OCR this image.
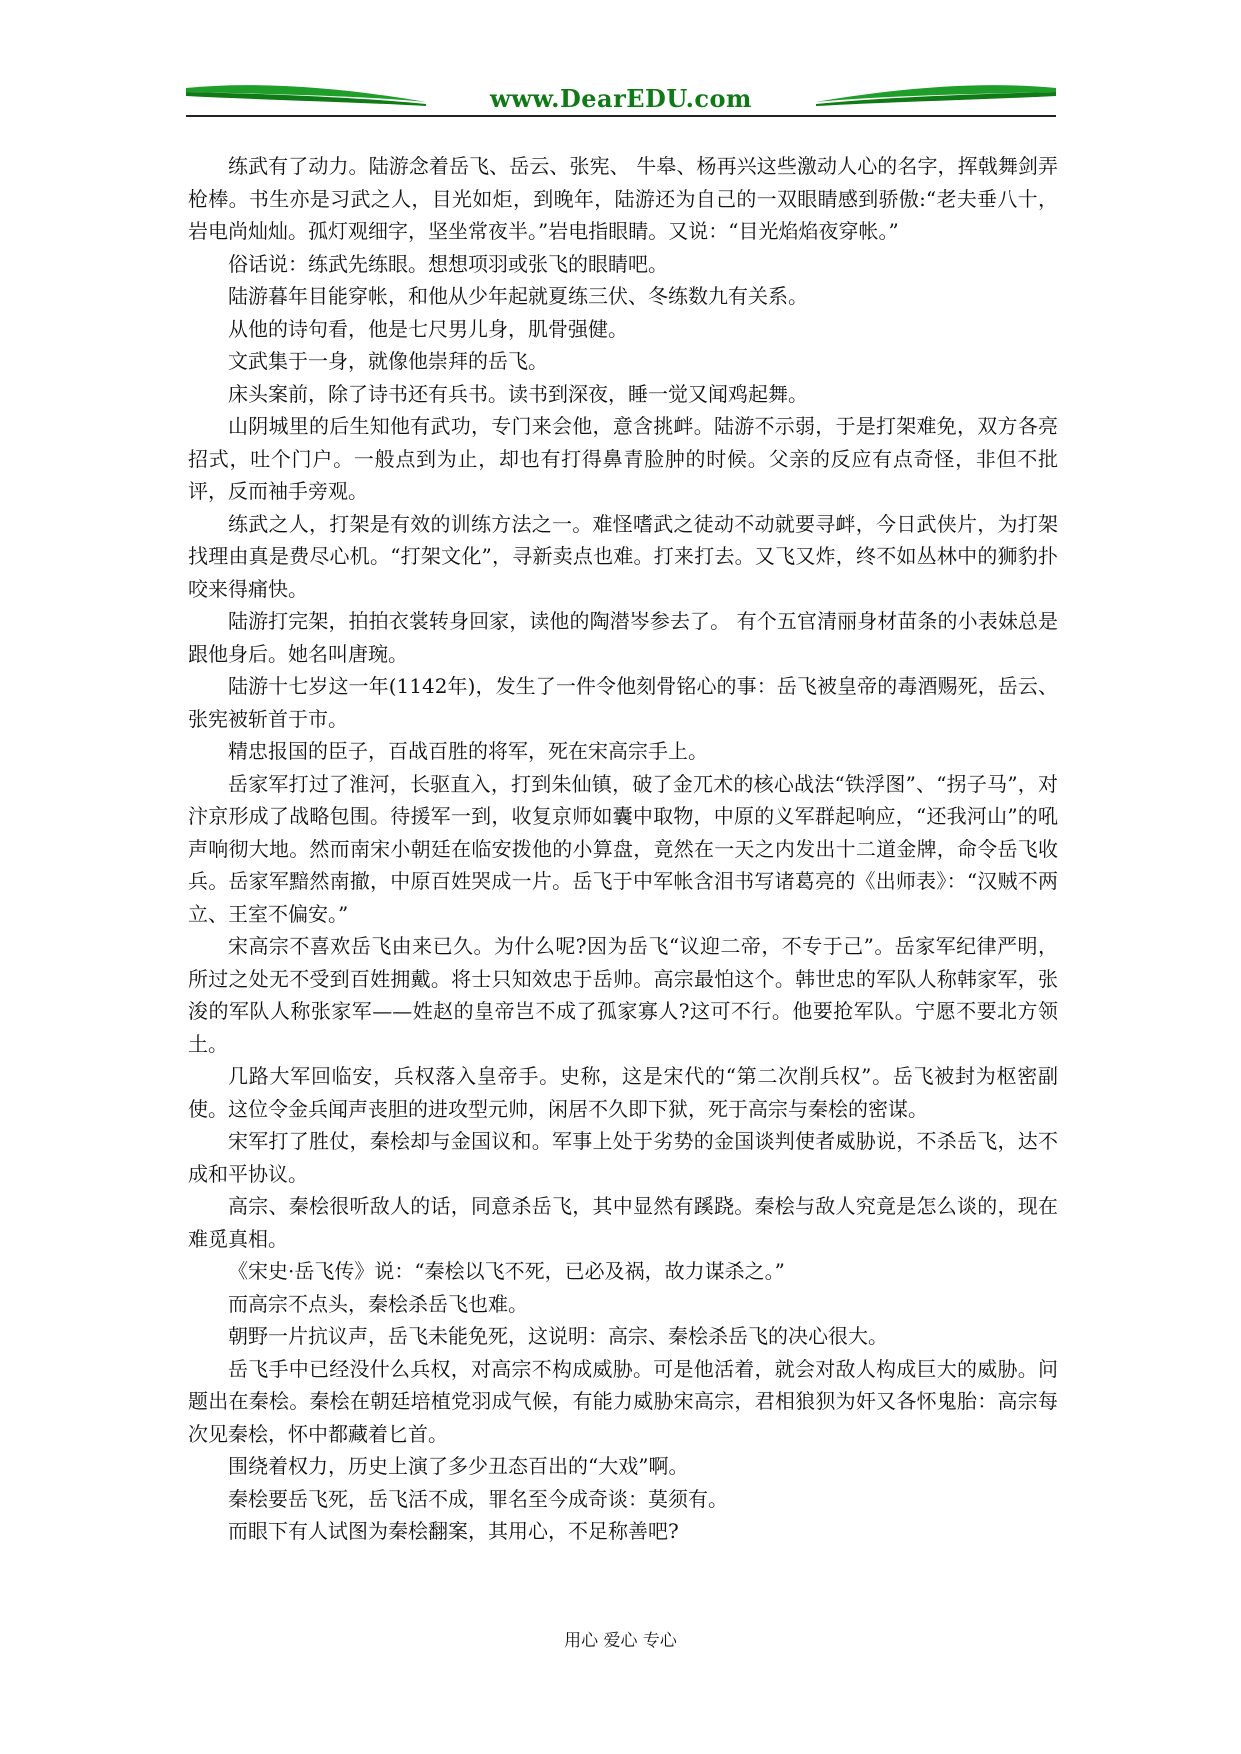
www.DearEDU.com

练武有了动力。陆游念着岳飞、岳云、张宪、 牛皋、杨再兴这些激动人心的名字，挥戟舞剑弄枪棒。书生亦是习武之人，目光如炬，到晚年，陆游还为自己的一双眼睛感到骄傲:“老夫垂八十，岩电尚灿灿。孤灯观细字，坚坐常夜半。”岩电指眼睛。又说：“目光焰焰夜穿帐。”

俗话说：练武先练眼。想想项羽或张飞的眼睛吧。

陆游暮年目能穿帐，和他从少年起就夏练三伏、冬练数九有关系。

从他的诗句看，他是七尺男儿身，肌骨强健。

文武集于一身，就像他崇拜的岳飞。

床头案前，除了诗书还有兵书。读书到深夜，睡一觉又闻鸡起舞。

山阴城里的后生知他有武功，专门来会他，意含挑衅。陆游不示弱，于是打架难免，双方各亮招式，吐个门户。一般点到为止，却也有打得鼻青脸肿的时候。父亲的反应有点奇怪，非但不批评，反而袖手旁观。

练武之人，打架是有效的训练方法之一。难怪嗜武之徒动不动就要寻衅，今日武侠片，为打架找理由真是费尽心机。“打架文化”，寻新卖点也难。打来打去。又飞又炸，终不如丛林中的狮豹扑咬来得痛快。

陆游打完架，拍拍衣裳转身回家，读他的陶潜岑参去了。 有个五官清丽身材苗条的小表妹总是跟他身后。她名叫唐琬。

陆游十七岁这一年(1142年)，发生了一件令他刻骨铭心的事：岳飞被皇帝的毒酒赐死，岳云、张宪被斩首于市。

精忠报国的臣子，百战百胜的将军，死在宋高宗手上。

岳家军打过了淮河，长驱直入，打到朱仙镇，破了金兀术的核心战法“铁浮图”、“拐子马”，对汴京形成了战略包围。待援军一到，收复京师如囊中取物，中原的义军群起响应，“还我河山”的吼声响彻大地。然而南宋小朝廷在临安拨他的小算盘，竟然在一天之内发出十二道金牌，命令岳飞收兵。岳家军黯然南撤，中原百姓哭成一片。岳飞于中军帐含泪书写诸葛亮的《出师表》：“汉贼不两立、王室不偏安。”

宋高宗不喜欢岳飞由来已久。为什么呢?因为岳飞“议迎二帝，不专于己”。岳家军纪律严明，所过之处无不受到百姓拥戴。将士只知效忠于岳帅。高宗最怕这个。韩世忠的军队人称韩家军，张浚的军队人称张家军——姓赵的皇帝岂不成了孤家寡人?这可不行。他要抢军队。宁愿不要北方领土。

几路大军回临安，兵权落入皇帝手。史称，这是宋代的“第二次削兵权”。岳飞被封为枢密副使。这位令金兵闻声丧胆的进攻型元帅，闲居不久即下狱，死于高宗与秦桧的密谋。

宋军打了胜仗，秦桧却与金国议和。军事上处于劣势的金国谈判使者威胁说，不杀岳飞，达不成和平协议。

高宗、秦桧很听敌人的话，同意杀岳飞，其中显然有蹊跷。秦桧与敌人究竟是怎么谈的，现在难觅真相。

《宋史·岳飞传》说：“秦桧以飞不死，已必及祸，故力谋杀之。”

而高宗不点头，秦桧杀岳飞也难。

朝野一片抗议声，岳飞未能免死，这说明：高宗、秦桧杀岳飞的决心很大。

岳飞手中已经没什么兵权，对高宗不构成威胁。可是他活着，就会对敌人构成巨大的威胁。问题出在秦桧。秦桧在朝廷培植党羽成气候，有能力威胁宋高宗，君相狼狈为奸又各怀鬼胎：高宗每次见秦桧，怀中都藏着匕首。

围绕着权力，历史上演了多少丑态百出的“大戏”啊。

秦桧要岳飞死，岳飞活不成，罪名至今成奇谈：莫须有。

而眼下有人试图为秦桧翻案，其用心，不足称善吧?

用心 爱心 专心
